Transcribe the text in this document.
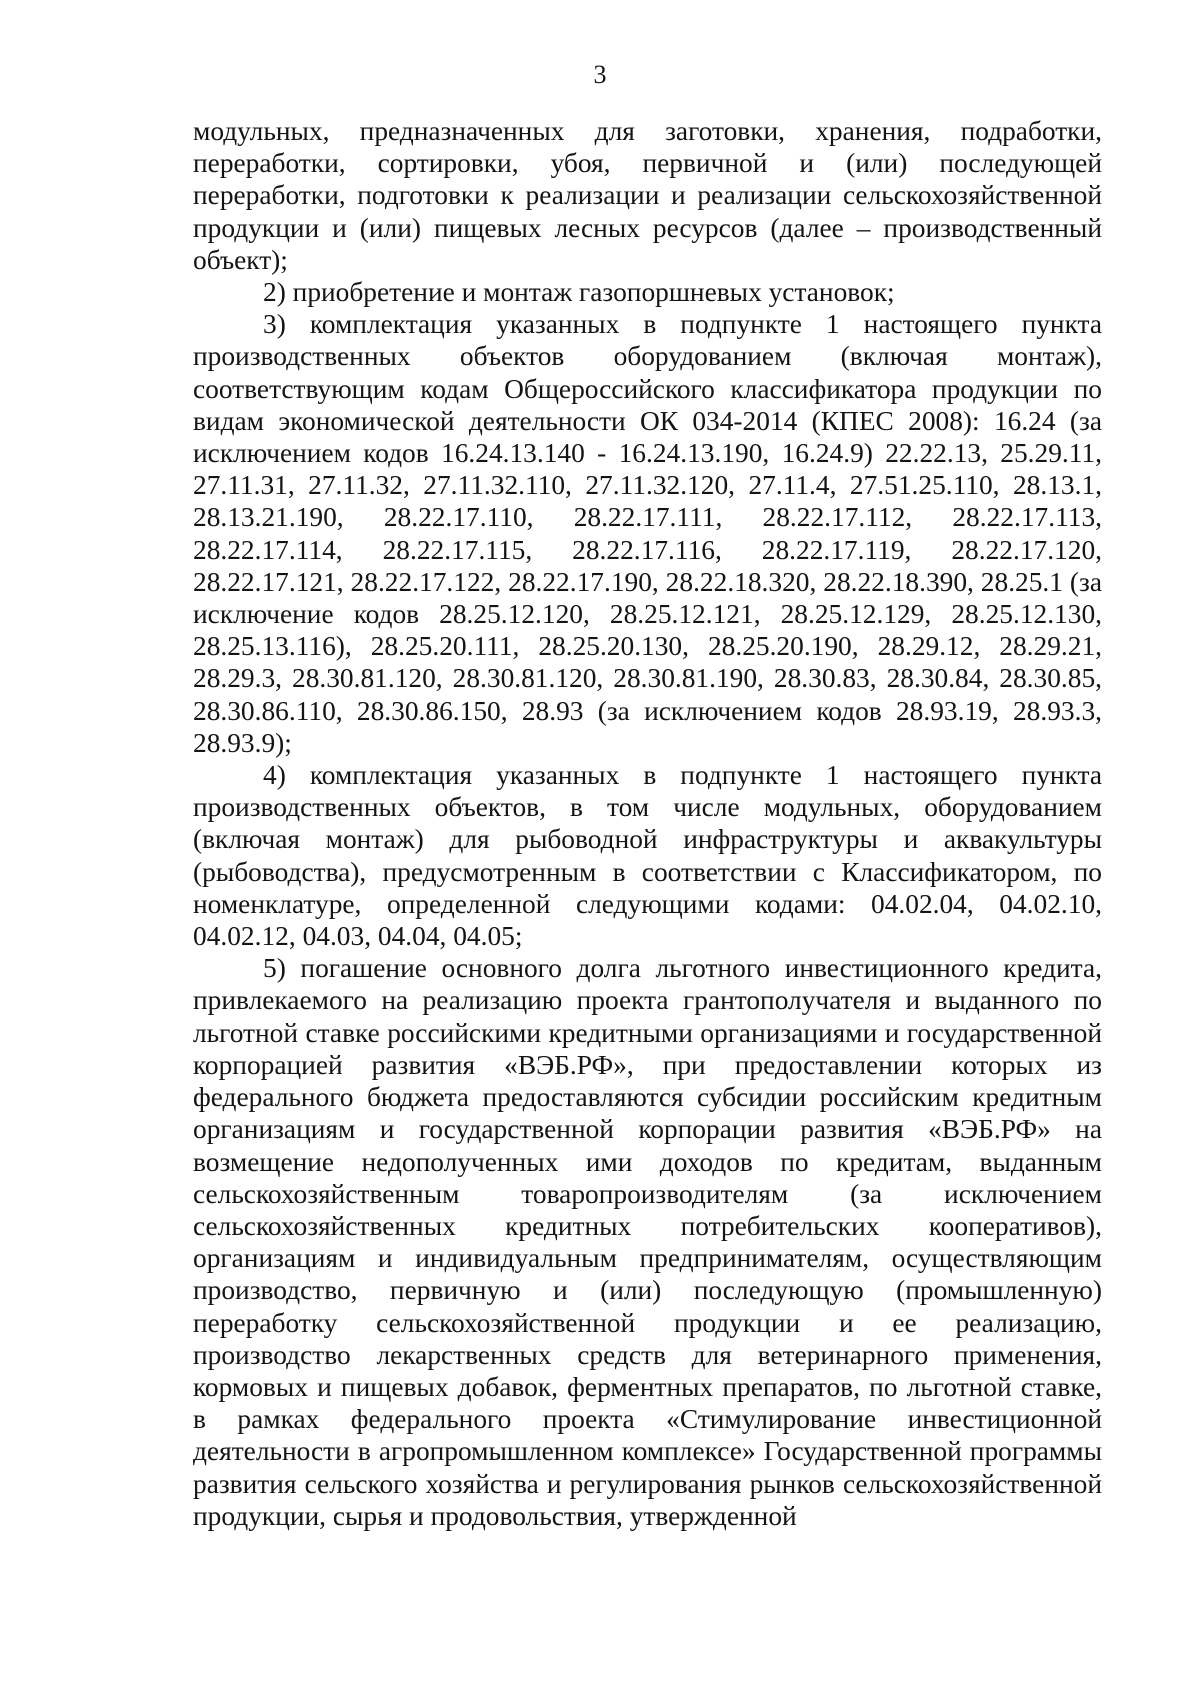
3

модульных, предназначенных для заготовки, хранения, подработки, переработки, сортировки, убоя, первичной и (или) последующей переработки, подготовки к реализации и реализации сельскохозяйственной продукции и (или) пищевых лесных ресурсов (далее – производственный объект);

2) приобретение и монтаж газопоршневых установок;

3) комплектация указанных в подпункте 1 настоящего пункта производственных объектов оборудованием (включая монтаж), соответствующим кодам Общероссийского классификатора продукции по видам экономической деятельности ОК 034-2014 (КПЕС 2008): 16.24 (за исключением кодов 16.24.13.140 - 16.24.13.190, 16.24.9) 22.22.13, 25.29.11, 27.11.31, 27.11.32, 27.11.32.110, 27.11.32.120, 27.11.4, 27.51.25.110, 28.13.1, 28.13.21.190, 28.22.17.110, 28.22.17.111, 28.22.17.112, 28.22.17.113, 28.22.17.114, 28.22.17.115, 28.22.17.116, 28.22.17.119, 28.22.17.120, 28.22.17.121, 28.22.17.122, 28.22.17.190, 28.22.18.320, 28.22.18.390, 28.25.1 (за исключение кодов 28.25.12.120, 28.25.12.121, 28.25.12.129, 28.25.12.130, 28.25.13.116), 28.25.20.111, 28.25.20.130, 28.25.20.190, 28.29.12, 28.29.21, 28.29.3, 28.30.81.120, 28.30.81.120, 28.30.81.190, 28.30.83, 28.30.84, 28.30.85, 28.30.86.110, 28.30.86.150, 28.93 (за исключением кодов 28.93.19, 28.93.3, 28.93.9);

4) комплектация указанных в подпункте 1 настоящего пункта производственных объектов, в том числе модульных, оборудованием (включая монтаж) для рыбоводной инфраструктуры и аквакультуры (рыбоводства), предусмотренным в соответствии с Классификатором, по номенклатуре, определенной следующими кодами: 04.02.04, 04.02.10, 04.02.12, 04.03, 04.04, 04.05;

5) погашение основного долга льготного инвестиционного кредита, привлекаемого на реализацию проекта грантополучателя и выданного по льготной ставке российскими кредитными организациями и государственной корпорацией развития «ВЭБ.РФ», при предоставлении которых из федерального бюджета предоставляются субсидии российским кредитным организациям и государственной корпорации развития «ВЭБ.РФ» на возмещение недополученных ими доходов по кредитам, выданным сельскохозяйственным товаропроизводителям (за исключением сельскохозяйственных кредитных потребительских кооперативов), организациям и индивидуальным предпринимателям, осуществляющим производство, первичную и (или) последующую (промышленную) переработку сельскохозяйственной продукции и ее реализацию, производство лекарственных средств для ветеринарного применения, кормовых и пищевых добавок, ферментных препаратов, по льготной ставке, в рамках федерального проекта «Стимулирование инвестиционной деятельности в агропромышленном комплексе» Государственной программы развития сельского хозяйства и регулирования рынков сельскохозяйственной продукции, сырья и продовольствия, утвержденной
